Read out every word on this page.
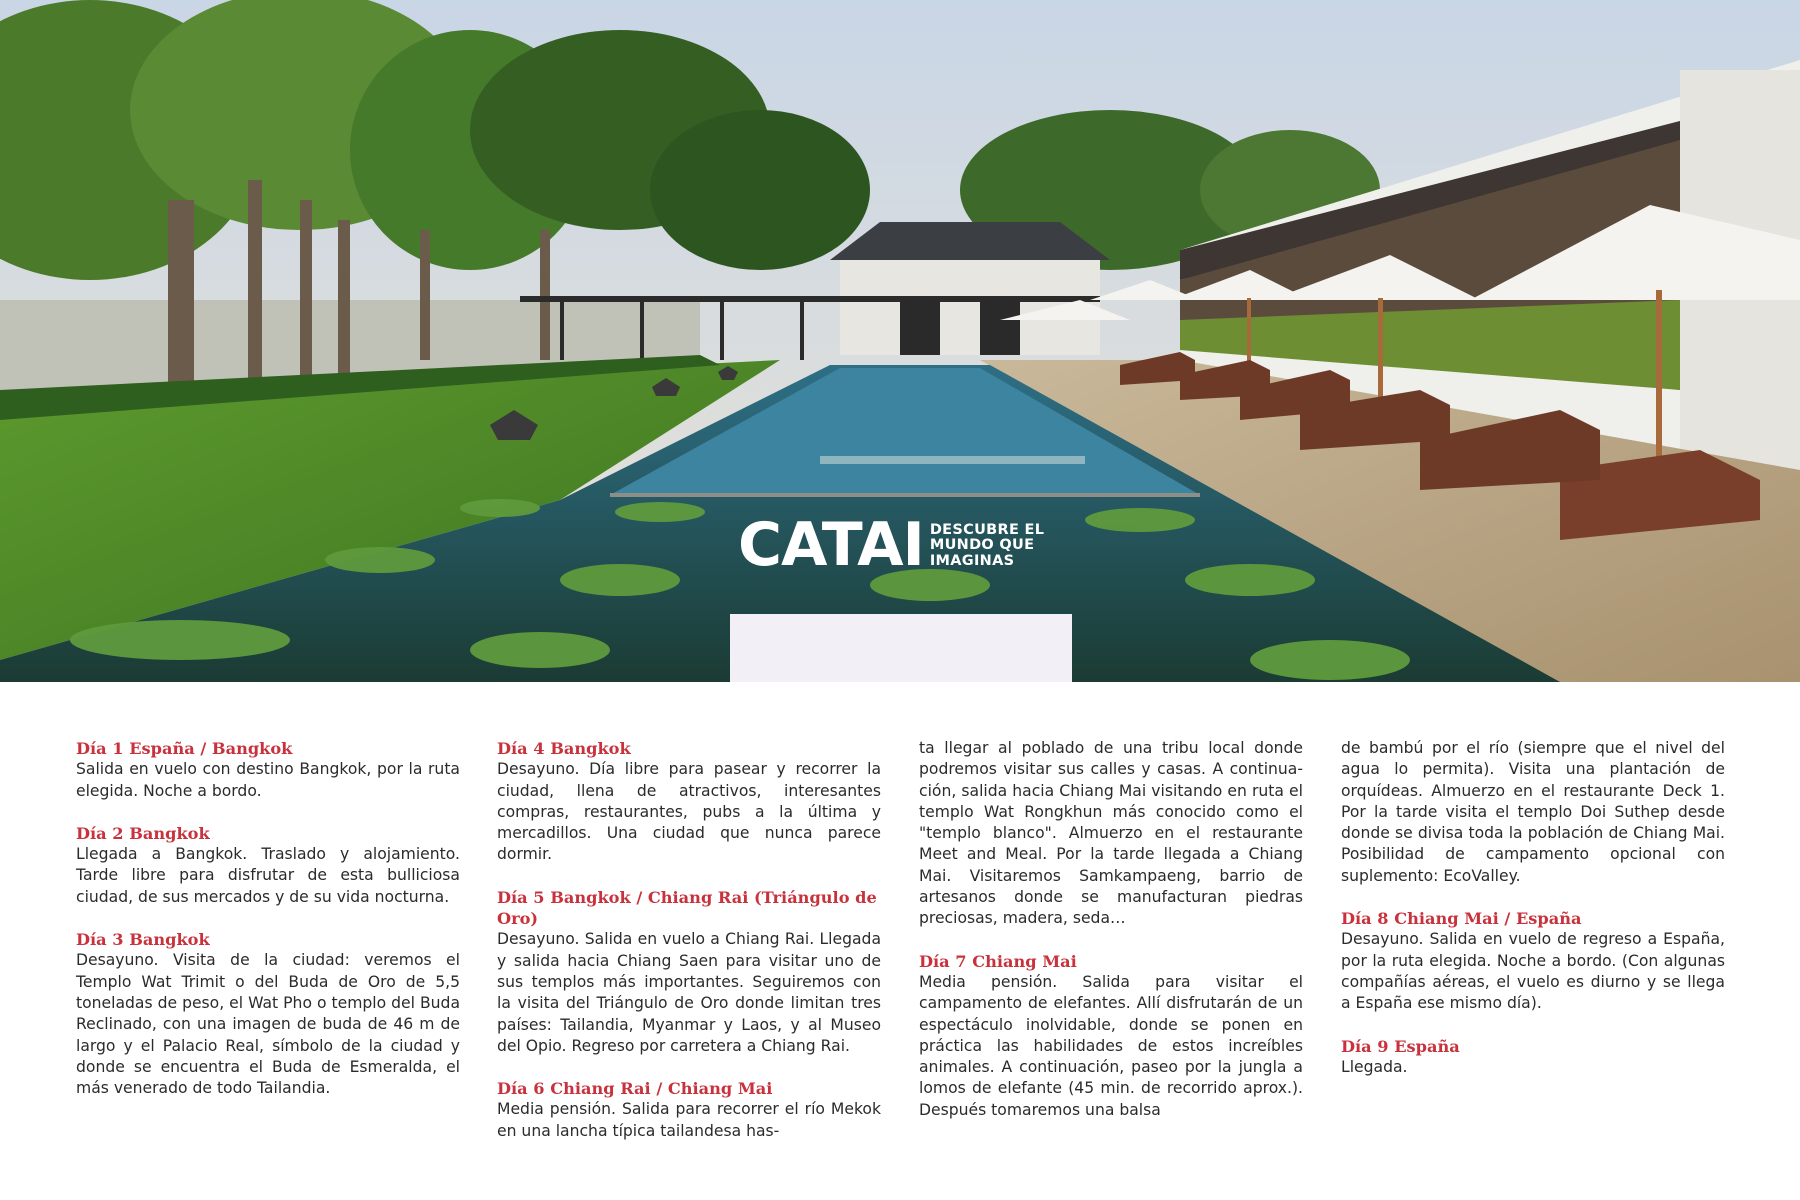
CATAI DESCUBRE EL
MUNDO QUE
IMAGINAS
Día 1 España / Bangkok
Salida en vuelo con destino Bangkok, por la ruta elegida. Noche a bordo.
Día 2 Bangkok
Llegada a Bangkok. Traslado y alojamiento. Tarde libre para disfrutar de esta bulliciosa ciudad, de sus mercados y de su vida nocturna.
Día 3 Bangkok
Desayuno. Visita de la ciudad: veremos el Templo Wat Trimit o del Buda de Oro de 5,5 toneladas de peso, el Wat Pho o templo del Buda Reclinado, con una imagen de buda de 46 m de largo y el Palacio Real, símbolo de la ciudad y donde se encuentra el Buda de Esmeralda, el más venerado de todo Tailandia.
Día 4 Bangkok
Desayuno. Día libre para pasear y recorrer la ciudad, llena de atractivos, interesantes compras, restaurantes, pubs a la última y mercadillos. Una ciudad que nunca parece dormir.
Día 5 Bangkok / Chiang Rai (Triángulo de Oro)
Desayuno. Salida en vuelo a Chiang Rai. Llegada y salida hacia Chiang Saen para visitar uno de sus templos más importantes. Seguiremos con la visita del Triángulo de Oro donde limitan tres países: Tailandia, Myanmar y Laos, y al Museo del Opio. Regreso por carretera a Chiang Rai.
Día 6 Chiang Rai / Chiang Mai
Media pensión. Salida para recorrer el río Mekok en una lancha típica tailandesa has-
ta llegar al poblado de una tribu local donde podremos visitar sus calles y casas. A continua-ción, salida hacia Chiang Mai visitando en ruta el templo Wat Rongkhun más conocido como el "templo blanco". Almuerzo en el restaurante Meet and Meal. Por la tarde llegada a Chiang Mai. Visitaremos Samkampaeng, barrio de artesanos donde se manufacturan piedras preciosas, madera, seda…
Día 7 Chiang Mai
Media pensión. Salida para visitar el campamento de elefantes. Allí disfrutarán de un espectáculo inolvidable, donde se ponen en práctica las habilidades de estos increíbles animales. A continuación, paseo por la jungla a lomos de elefante (45 min. de recorrido aprox.). Después tomaremos una balsa
de bambú por el río (siempre que el nivel del agua lo permita). Visita una plantación de orquídeas. Almuerzo en el restaurante Deck 1. Por la tarde visita el templo Doi Suthep desde donde se divisa toda la población de Chiang Mai. Posibilidad de campamento opcional con suplemento: EcoValley.
Día 8 Chiang Mai / España
Desayuno. Salida en vuelo de regreso a España, por la ruta elegida. Noche a bordo. (Con algunas compañías aéreas, el vuelo es diurno y se llega a España ese mismo día).
Día 9 España
Llegada.
